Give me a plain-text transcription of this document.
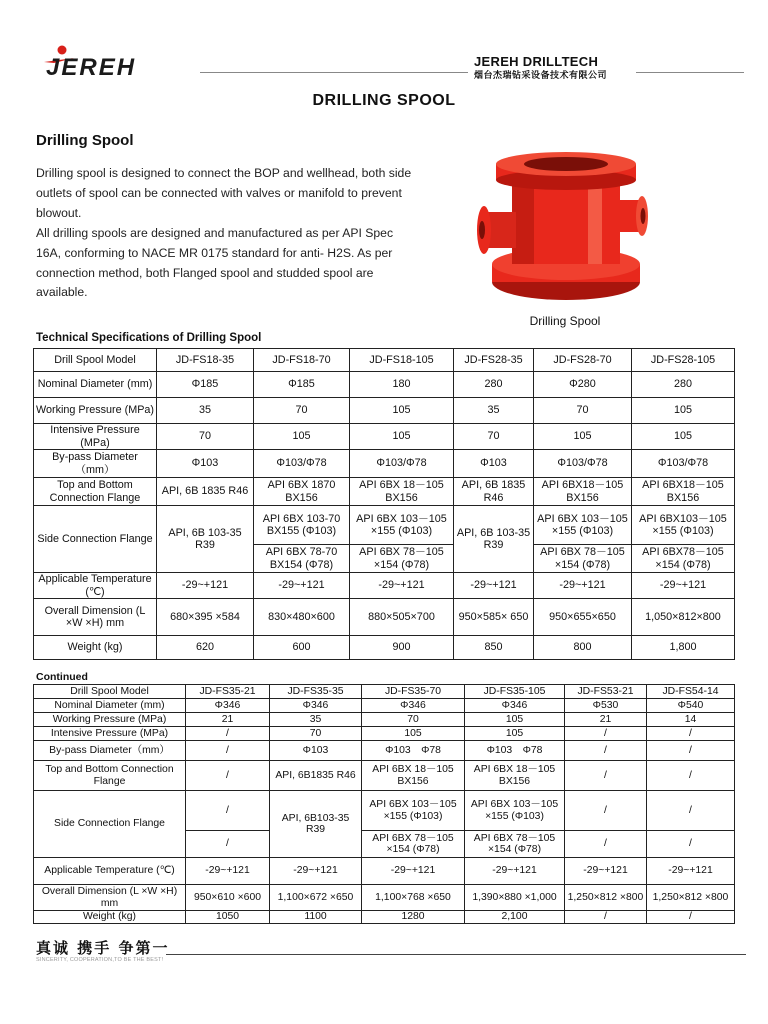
JEREH	JEREH DRILLTECH
烟台杰瑞钻采设备技术有限公司
DRILLING SPOOL
Drilling Spool
Drilling spool is designed to connect the BOP and wellhead, both side outlets of spool can be connected with valves or manifold to prevent blowout.
All drilling spools are designed and manufactured as per API Spec 16A, conforming to NACE MR 0175 standard for anti- H2S. As per connection method, both Flanged spool and studded spool are available.
Drilling Spool
Technical Specifications of Drilling Spool
Drill Spool Model	JD-FS18-35	JD-FS18-70	JD-FS18-105	JD-FS28-35	JD-FS28-70	JD-FS28-105
Nominal Diameter (mm)	Φ185	Φ185	180	280	Φ280	280
Working Pressure (MPa)	35	70	105	35	70	105
Intensive Pressure (MPa)	70	105	105	70	105	105
By-pass Diameter （mm）	Φ103	Φ103/Φ78	Φ103/Φ78	Φ103	Φ103/Φ78	Φ103/Φ78
Top and Bottom Connection Flange	API, 6B 1835 R46	API 6BX 1870 BX156	API 6BX 18－105 BX156	API, 6B 1835 R46	API 6BX18－105 BX156	API 6BX18－105 BX156
Side Connection Flange	API, 6B 103-35 R39	API 6BX 103-70 BX155 (Φ103)	API 6BX 103－105 ×155 (Φ103)	API, 6B 103-35 R39	API 6BX 103－105 ×155 (Φ103)	API 6BX103－105 ×155 (Φ103)
		API 6BX 78-70 BX154 (Φ78)	API 6BX 78－105 ×154 (Φ78)		API 6BX 78－105 ×154 (Φ78)	API 6BX78－105 ×154 (Φ78)
Applicable Temperature (℃)	-29~+121	-29~+121	-29~+121	-29~+121	-29~+121	-29~+121
Overall Dimension (L ×W ×H) mm	680×395 ×584	830×480×600	880×505×700	950×585× 650	950×655×650	1,050×812×800
Weight (kg)	620	600	900	850	800	1,800
Continued
Drill Spool Model	JD-FS35-21	JD-FS35-35	JD-FS35-70	JD-FS35-105	JD-FS53-21	JD-FS54-14
Nominal Diameter (mm)	Φ346	Φ346	Φ346	Φ346	Φ530	Φ540
Working Pressure (MPa)	21	35	70	105	21	14
Intensive Pressure (MPa)	/	70	105	105	/	/
By-pass Diameter（mm）	/	Φ103	Φ103　Φ78	Φ103　Φ78	/	/
Top and Bottom Connection Flange	/	API, 6B1835 R46	API 6BX 18－105 BX156	API 6BX 18－105 BX156	/	/
Side Connection Flange	/	API, 6B103-35 R39	API 6BX 103－105 ×155 (Φ103)	API 6BX 103－105 ×155 (Φ103)	/	/
	/		API 6BX 78－105 ×154 (Φ78)	API 6BX 78－105 ×154 (Φ78)	/	/
Applicable Temperature (℃)	-29~+121	-29~+121	-29~+121	-29~+121	-29~+121	-29~+121
Overall Dimension (L ×W ×H) mm	950×610 ×600	1,100×672 ×650	1,100×768 ×650	1,390×880 ×1,000	1,250×812 ×800	1,250×812 ×800
Weight (kg)	1050	1100	1280	2,100	/	/
真诚 携手 争第一
SINCERITY, COOPERATION,TO BE THE BEST!
